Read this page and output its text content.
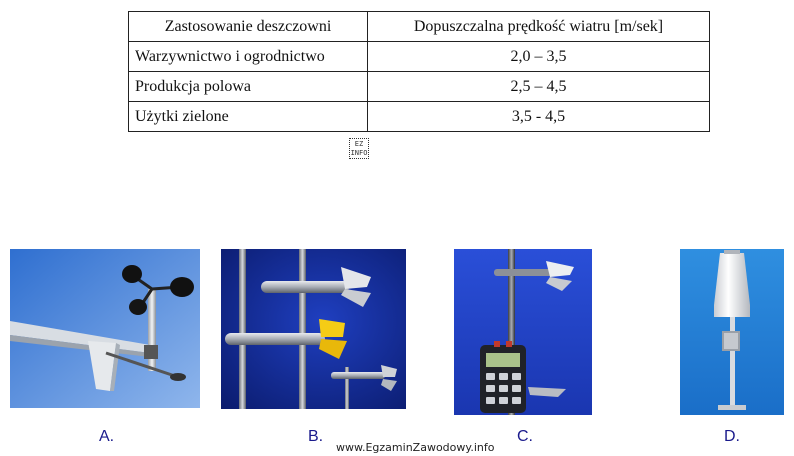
Zastosowanie deszczowni	Dopuszczalna prędkość wiatru [m/sek]
Warzywnictwo i ogrodnictwo	2,0 – 3,5
Produkcja polowa	2,5 – 4,5
Użytki zielone	3,5 - 4,5
EZ
INFO
A.	B.	C.	D.
www.EgzaminZawodowy.info
